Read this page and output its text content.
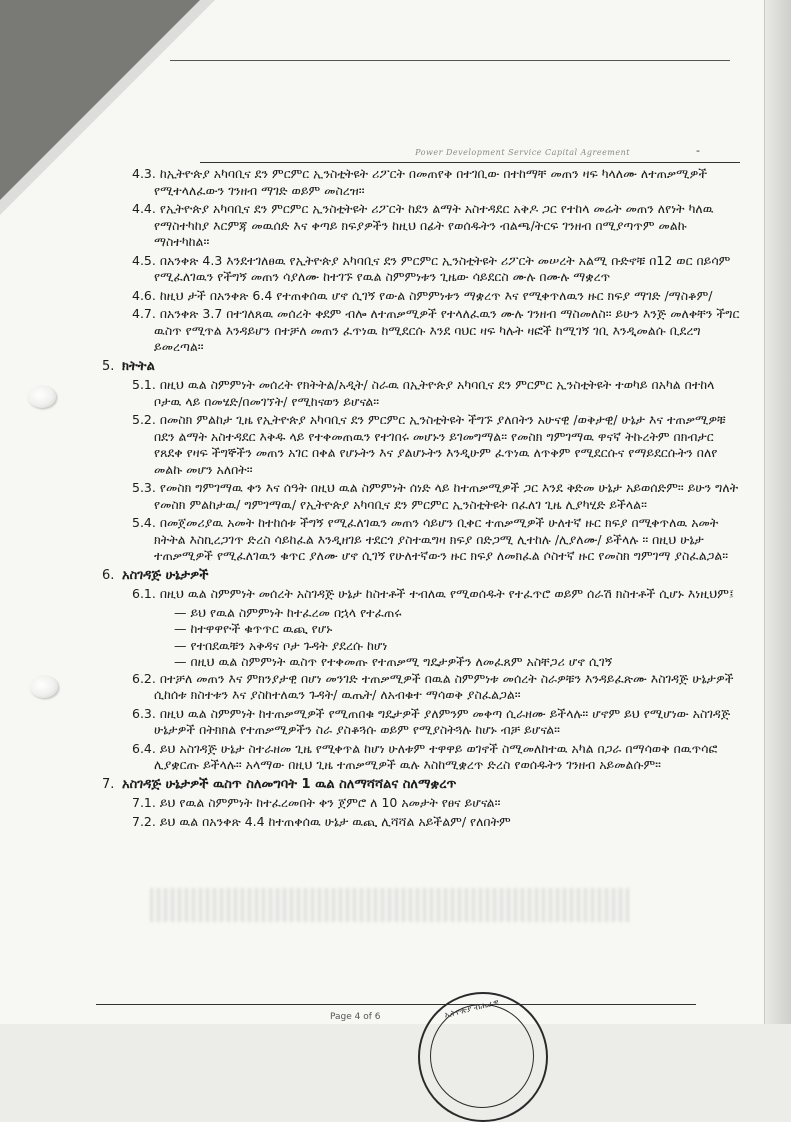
Power Development Service Capital Agreement	-
4.3. ከኢትዮጵያ አካባቢና ደን ምርምር ኢንስቲትዩት ሪፖርት በመጠየቅ በተገቢው በተከማቸ መጠን ዛፍ ካላለሙ ለተጠቃሚዎች የሚተላለፈውን ገንዘብ ማገድ ወይም መስረዝ።
4.4. የኢትዮጵያ አካባቢና ደን ምርምር ኢንስቲትዩት ሪፖርት ከደን ልማት አስተዳደር አቅዶ ጋር የተከላ መሬት መጠን ለየነት ካለዉ የማስተካከያ እርምጃ መዉሰድ እና ቀጣይ ክፍያዎችን ከዚህ በፊት የወሰዱትን ብልጫ/ትርፍ ገንዘብ በሚያጣጥም መልኩ ማስተካከል።
4.5. በአንቀጽ 4.3 እንደተገለፀዉ የኢትዮጵያ አካባቢና ደን ምርምር ኢንስቲትዩት ሪፖርት መሠረት አልሚ ቡድኖቹ በ12 ወር በይሳም የሚፈለገዉን የችግኝ መጠን ሳያለሙ ከተገኙ የዉል ስምምነቱን ጊዜው ሳይደርስ ሙሉ በሙሉ ማቋረጥ
4.6. ከዚህ ታች በአንቀጽ 6.4 የተጠቀሰዉ ሆኖ ሲገኝ የውል ስምምነቱን ማቋረጥ እና የሚቀጥለዉን ዙር ክፍያ ማገድ /ማስቆም/
4.7. በአንቀጽ 3.7 በተገለጸዉ መሰረት ቀደም ብሎ ለተጠቃሚዎች የተላለፈዉን ሙሉ ገንዘብ ማስመለስ። ይሁን እንጅ መለቀቸን ችግር ዉስጥ የሚጥል እንዳይሆን በተቻለ መጠን ፈጥነዉ ከሚደርሱ እንደ ባህር ዛፍ ካሉት ዛፎች ከሚገኝ ገቢ እንዲመልሱ ቢደረግ ይመረጣል።
5. ክትትል
5.1. በዚህ ዉል ስምምነት መሰረት የክትትል/አዲት/ ስራዉ በኢትዮጵያ አካባቢና ደን ምርምር ኢንስቲትዩት ተወካይ በአካል በተከላ ቦታዉ ላይ በመሄድ/በመገኘት/ የሚከናወን ይሆናል።
5.2. በመስክ ምልከታ ጊዜ የኢትዮጵያ አካባቢና ደን ምርምር ኢንስቲትዩት ችግኙ ያለበትን አሁናዊ /ወቅታዊ/ ሁኔታ እና ተጠቃሚዎቹ በደን ልማት አስተዳደር እቅዱ ላይ የተቀመጠዉን የተገበሩ መሆኑን ይገመግማል። የመስክ ግምገማዉ ዋናኛ ትኩረትም በክብታር የጸደቀ የዛፍ ችግኞችን መጠን አገር በቀል የሆኑትን እና ያልሆኑትን እንዲሁም ፈጥነዉ ለጥቅም የሚደርሱና የማይደርሱትን በለየ መልኩ መሆን አለበት።
5.3. የመስክ ግምገማዉ ቀን እና ሰዓት በዚህ ዉል ስምምነት ሰነድ ላይ ከተጠቃሚዎች ጋር እንደ ቅድመ ሁኔታ አይወሰድም። ይሁን ግለት የመስክ ምልከታዉ/ ግምገማዉ/ የኢትዮጵያ አካባቢና ደን ምርምር ኢንስቲትዩት በፈለገ ጊዜ ሊያካሂድ ይችላል።
5.4. በመጀመሪያዉ አመት ከተከሰቱ ችግኝ የሚፈለገዉን መጠን ሳይሆን ቢቀር ተጠቃሚዎች ሁለተኛ ዙር ክፍያ በሚቀጥለዉ አመት ክትትል እስኪረጋገጥ ድረስ ሳይከፈል እንዲዘገይ ተደርጎ ያስተዉግዛ ክፍያ በድጋሚ ሊተከሉ /ሊያለሙ/ ይችላሉ ። በዚህ ሁኔታ ተጠቃሚዎች የሚፈለገዉን ቁጥር ያለሙ ሆኖ ሲገኝ የሁለተኛውን ዙር ክፍያ ለመክፈል ሶስተኛ ዙር የመስክ ግምገማ ያስፈልጋል።
6. አስገዳጅ ሁኔታዎች
6.1. በዚህ ዉል ስምምነት መሰረት አስገዳጅ ሁኔታ ከስተቶች ተብለዉ የሚወሰዱት የተፈጥሮ ወይም ሰራሽ ክስተቶች ሲሆኑ እነዚህም፤
— ይህ የዉል ስምምነት ከተፈረመ በኋላ የተፈጠሩ
— ከተዋዋዮች ቁጥጥር ዉጪ የሆኑ
— የተበደዉቹን አቅዳና ቦታ ጉዳት ያደረሱ ከሆነ
— በዚህ ዉል ስምምነት ዉስጥ የተቀመጡ የተጠቃሚ ግዴታዎችን ለመፈጸም አስቸጋሪ ሆኖ ሲገኝ
6.2. በተቻለ መጠን እና ምክንያታዊ በሆነ መንገድ ተጠቃሚዎች በዉል ስምምነቱ መሰረት ስራዎቹን እንዳይፈጽሙ እስገዳጅ ሁኔታዎች ሲከሰቱ ክስተቱን እና ያስከተለዉን ጉዳት/ ዉጤት/ ለአብቁተ ማሳወቅ ያስፈልጋል።
6.3. በዚህ ዉል ስምምነት ከተጠቃሚዎች የሚጠበቁ ግዴታዎች ያለምንም መቀጣ ሲራዘሙ ይችላሉ። ሆኖም ይህ የሚሆነው አስገዳጅ ሁኔታዎች በትክክል የተጠቃሚዎችን ስራ ያስቆጓሱ ወይም የሚያስትጓሉ ከሆኑ ብቻ ይሆናል።
6.4. ይህ አስገዳጅ ሁኔታ ስተራዘመ ጊዜ የሚቀጥል ከሆነ ሁለቱም ተዋዋይ ወገኖች ስሚመለከተዉ አካል በጋራ በማሳወቅ በዉጥሳፎ ሊያቋርጡ ይችላሉ። አላማው በዚህ ጊዜ ተጠቃሚዎች ዉሉ እስከሚቋረጥ ድረስ የወሰዱትን ገንዘብ አይመልሱም።
7. አስገዳጅ ሁኔታዎች ዉስጥ ስለመግባት 1 ዉል ስለማሻሻልና ስለማቋረጥ
7.1. ይህ የዉል ስምምነት ከተፈረመበት ቀን ጀምሮ ለ 10 አመታት የፀና ይሆናል።
7.2. ይህ ዉል በአንቀጽ 4.4 ከተጠቀሰዉ ሁኔታ ዉጪ ሊሻሻል አይችልም/ የለበትም
ኢትዮጵያ ብሔራዊ
Page 4 of 6
